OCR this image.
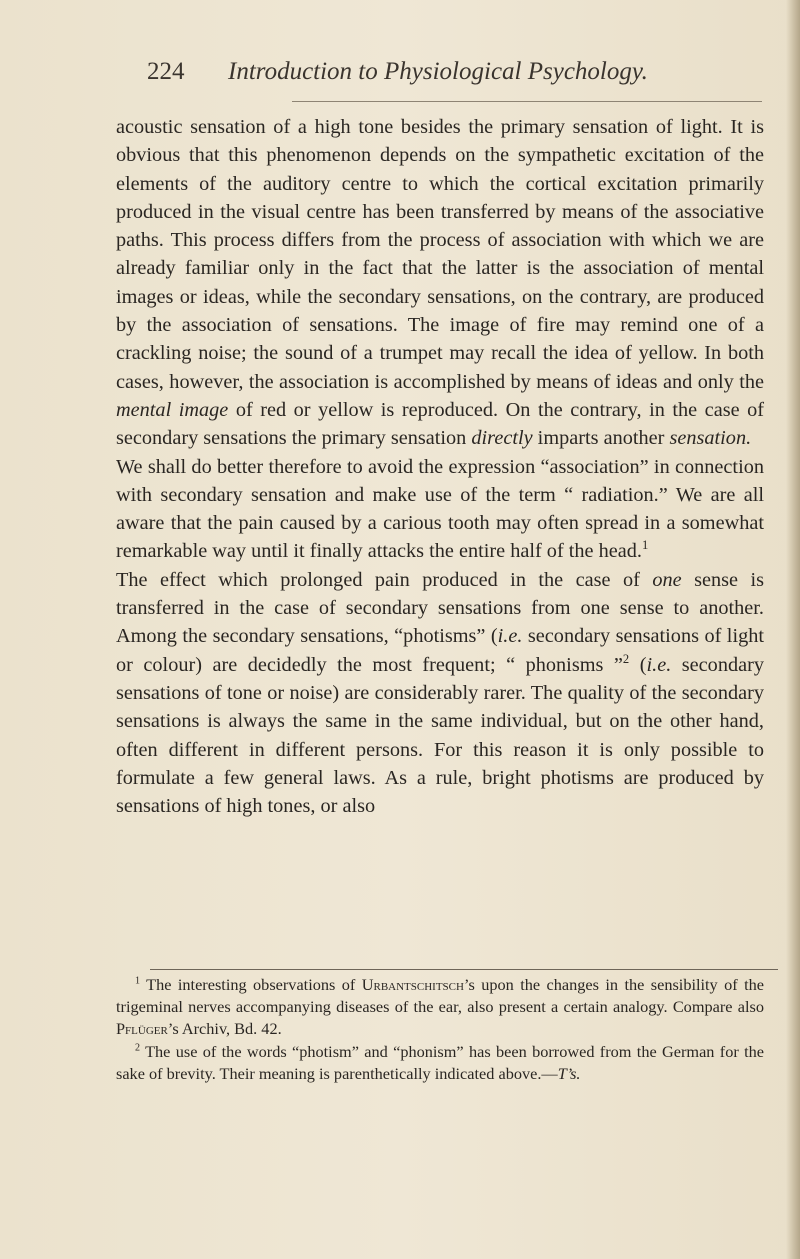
224 Introduction to Physiological Psychology.

acoustic sensation of a high tone besides the primary sensation of light. It is obvious that this phenomenon depends on the sympathetic excitation of the elements of the auditory centre to which the cortical excitation primarily produced in the visual centre has been transferred by means of the associative paths. This process differs from the process of association with which we are already familiar only in the fact that the latter is the association of mental images or ideas, while the secondary sensations, on the contrary, are produced by the association of sensations. The image of fire may remind one of a crackling noise; the sound of a trumpet may recall the idea of yellow. In both cases, however, the association is accomplished by means of ideas and only the mental image of red or yellow is reproduced. On the contrary, in the case of secondary sensations the primary sensation directly imparts another sensation.

We shall do better therefore to avoid the expression “association” in connection with secondary sensation and make use of the term “ radiation.” We are all aware that the pain caused by a carious tooth may often spread in a somewhat remarkable way until it finally attacks the entire half of the head.$^1$

The effect which prolonged pain produced in the case of one sense is transferred in the case of secondary sensations from one sense to another. Among the secondary sensations, “photisms” (i.e. secondary sensations of light or colour) are decidedly the most frequent; “ phonisms ”$^2$ (i.e. secondary sensations of tone or noise) are considerably rarer. The quality of the secondary sensations is always the same in the same individual, but on the other hand, often different in different persons. For this reason it is only possible to formulate a few general laws. As a rule, bright photisms are produced by sensations of high tones, or also

$^1$ The interesting observations of Urbantschitsch’s upon the changes in the sensibility of the trigeminal nerves accompanying diseases of the ear, also present a certain analogy. Compare also Pflüger’s Archiv, Bd. 42.

$^2$ The use of the words “photism” and “phonism” has been borrowed from the German for the sake of brevity. Their meaning is parenthetically indicated above.—T’s.
